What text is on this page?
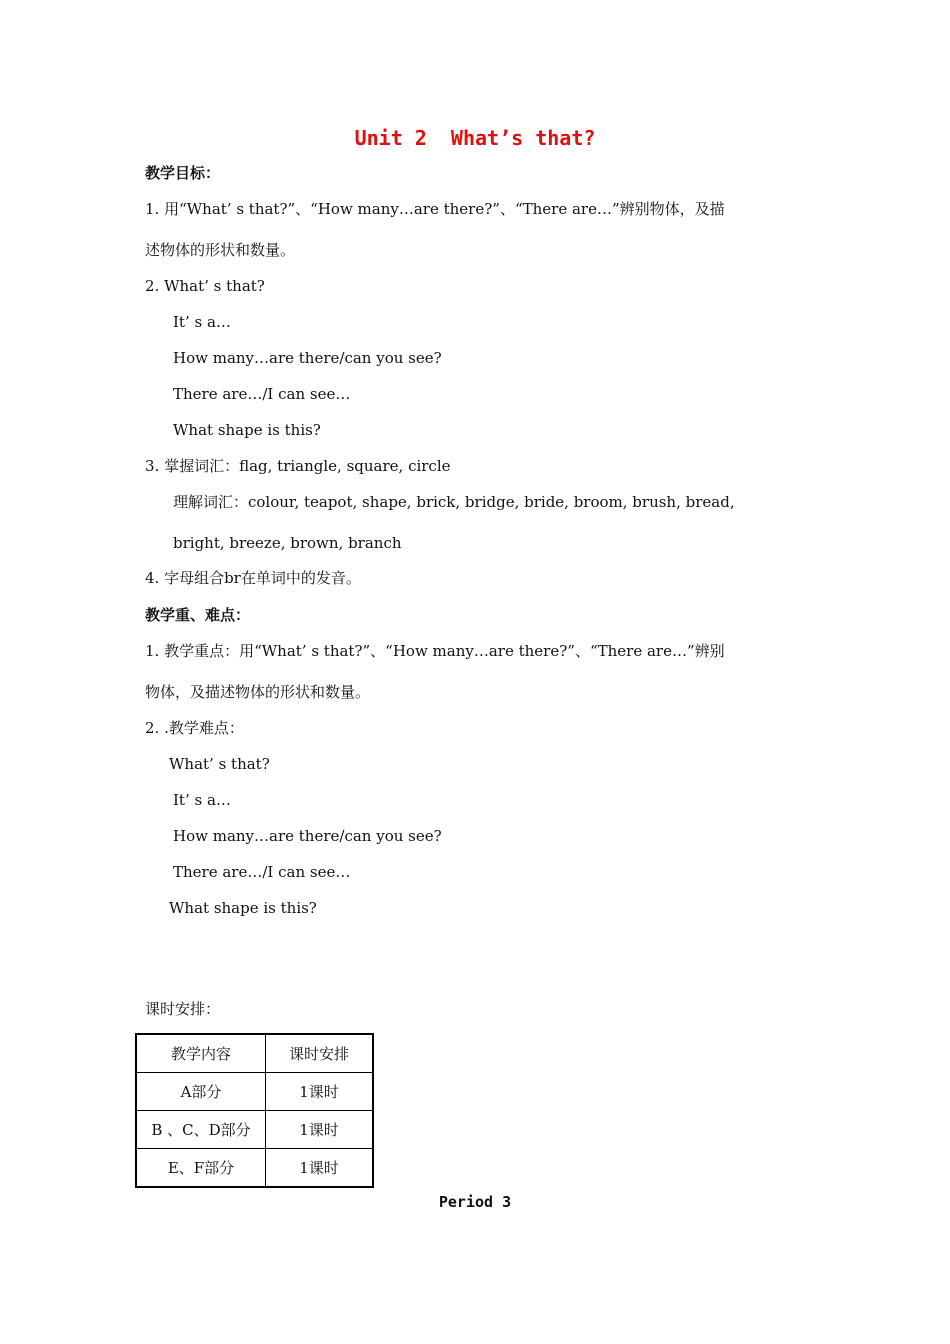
Unit 2  What’s that?
教学目标：
1. 用“What’ s that?”、“How many…are there?”、“There are…”辨别物体，及描
述物体的形状和数量。
2. What’ s that?
It’ s a…
How many…are there/can you see?
There are…/I can see…
What shape is this?
3. 掌握词汇：flag, triangle, square, circle
理解词汇：colour, teapot, shape, brick, bridge, bride, broom, brush, bread,
bright, breeze, brown, branch
4. 字母组合br在单词中的发音。
教学重、难点：
1. 教学重点：用“What’ s that?”、“How many…are there?”、“There are…”辨别
物体，及描述物体的形状和数量。
2. .教学难点：
What’ s that?
It’ s a…
How many…are there/can you see?
There are…/I can see…
What shape is this?
课时安排：
教学内容	课时安排
A部分	1课时
B 、C、D部分	1课时
E、F部分	1课时
Period 3
